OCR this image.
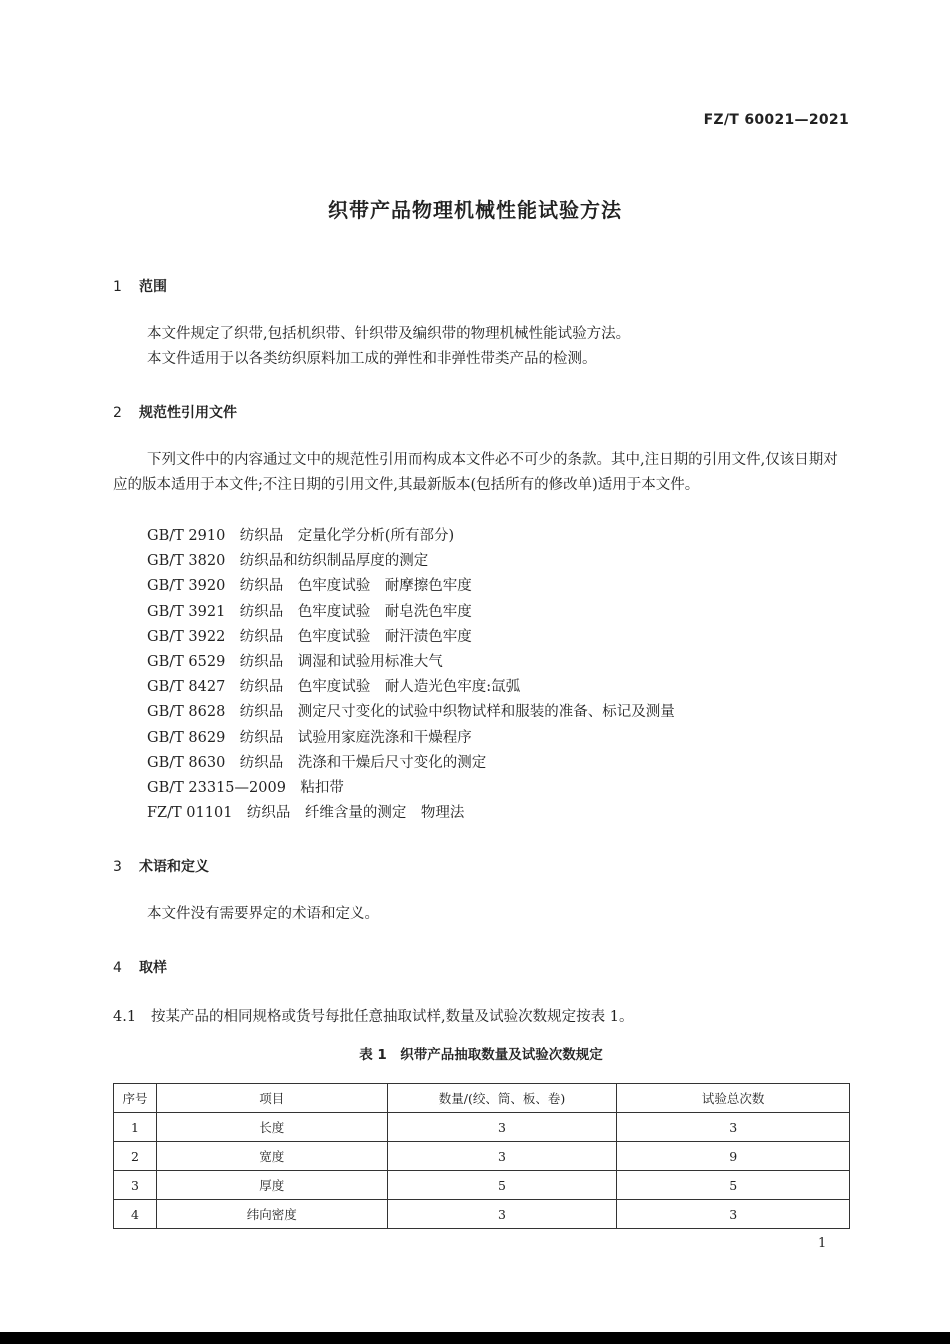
FZ/T 60021—2021
织带产品物理机械性能试验方法
1 范围
本文件规定了织带,包括机织带、针织带及编织带的物理机械性能试验方法。
本文件适用于以各类纺织原料加工成的弹性和非弹性带类产品的检测。
2 规范性引用文件
下列文件中的内容通过文中的规范性引用而构成本文件必不可少的条款。其中,注日期的引用文件,仅该日期对应的版本适用于本文件;不注日期的引用文件,其最新版本(包括所有的修改单)适用于本文件。
GB/T 2910　纺织品　定量化学分析(所有部分)
GB/T 3820　纺织品和纺织制品厚度的测定
GB/T 3920　纺织品　色牢度试验　耐摩擦色牢度
GB/T 3921　纺织品　色牢度试验　耐皂洗色牢度
GB/T 3922　纺织品　色牢度试验　耐汗渍色牢度
GB/T 6529　纺织品　调湿和试验用标准大气
GB/T 8427　纺织品　色牢度试验　耐人造光色牢度:氙弧
GB/T 8628　纺织品　测定尺寸变化的试验中织物试样和服装的准备、标记及测量
GB/T 8629　纺织品　试验用家庭洗涤和干燥程序
GB/T 8630　纺织品　洗涤和干燥后尺寸变化的测定
GB/T 23315—2009　粘扣带
FZ/T 01101　纺织品　纤维含量的测定　物理法
3 术语和定义
本文件没有需要界定的术语和定义。
4 取样
4.1 按某产品的相同规格或货号每批任意抽取试样,数量及试验次数规定按表 1。
表 1　织带产品抽取数量及试验次数规定
序号	项目	数量/(绞、筒、板、卷)	试验总次数
1	长度	3	3
2	宽度	3	9
3	厚度	5	5
4	纬向密度	3	3
1
